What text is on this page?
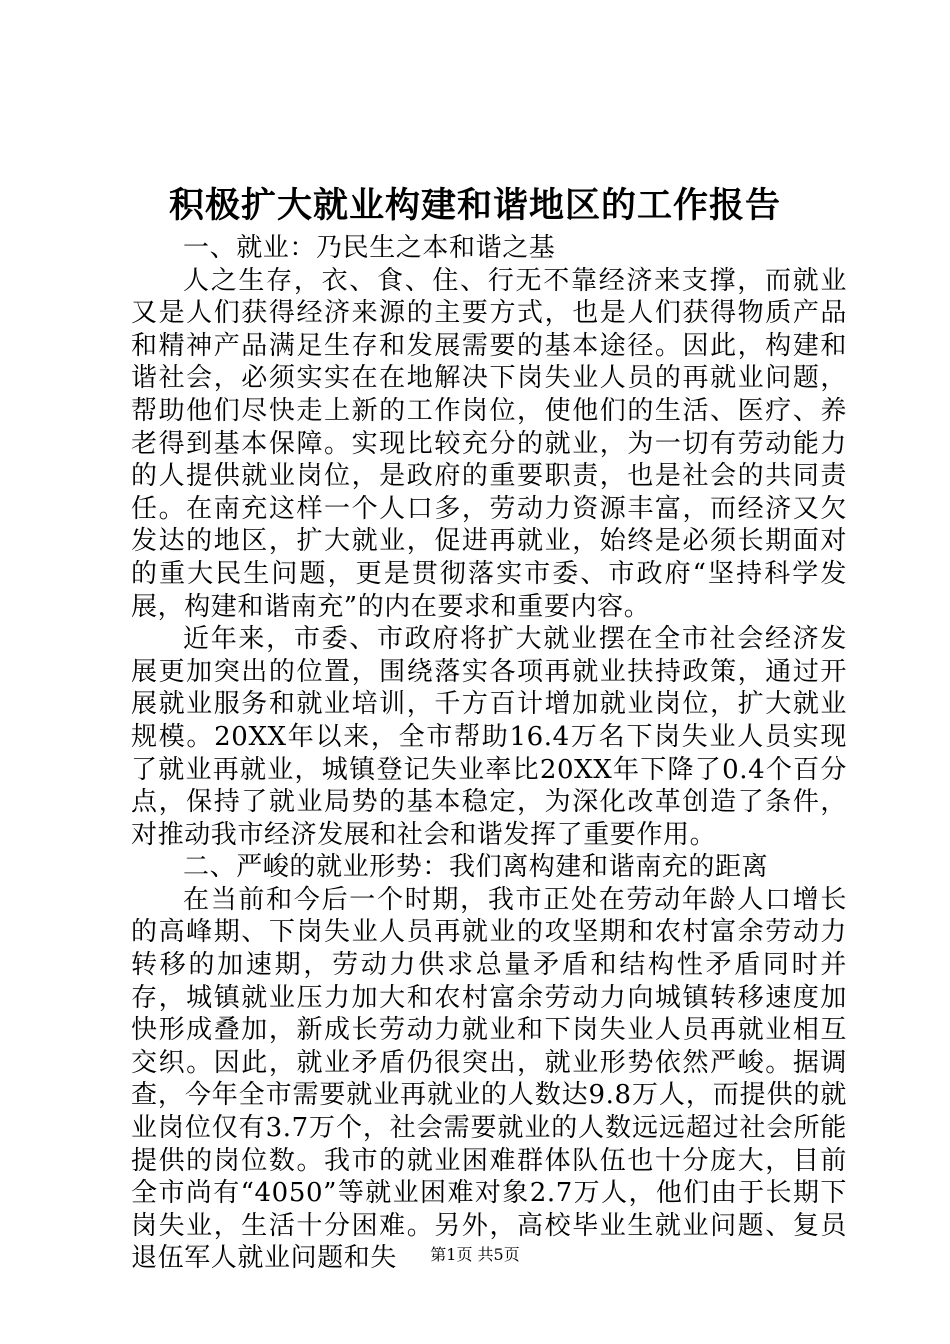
积极扩大就业构建和谐地区的工作报告

一、就业：乃民生之本和谐之基

人之生存，衣、食、住、行无不靠经济来支撑，而就业又是人们获得经济来源的主要方式，也是人们获得物质产品和精神产品满足生存和发展需要的基本途径。因此，构建和谐社会，必须实实在在地解决下岗失业人员的再就业问题，帮助他们尽快走上新的工作岗位，使他们的生活、医疗、养老得到基本保障。实现比较充分的就业，为一切有劳动能力的人提供就业岗位，是政府的重要职责，也是社会的共同责任。在南充这样一个人口多，劳动力资源丰富，而经济又欠发达的地区，扩大就业，促进再就业，始终是必须长期面对的重大民生问题，更是贯彻落实市委、市政府“坚持科学发展，构建和谐南充”的内在要求和重要内容。

近年来，市委、市政府将扩大就业摆在全市社会经济发展更加突出的位置，围绕落实各项再就业扶持政策，通过开展就业服务和就业培训，千方百计增加就业岗位，扩大就业规模。20XX年以来，全市帮助16.4万名下岗失业人员实现了就业再就业，城镇登记失业率比20XX年下降了0.4个百分点，保持了就业局势的基本稳定，为深化改革创造了条件，对推动我市经济发展和社会和谐发挥了重要作用。

二、严峻的就业形势：我们离构建和谐南充的距离

在当前和今后一个时期，我市正处在劳动年龄人口增长的高峰期、下岗失业人员再就业的攻坚期和农村富余劳动力转移的加速期，劳动力供求总量矛盾和结构性矛盾同时并存，城镇就业压力加大和农村富余劳动力向城镇转移速度加快形成叠加，新成长劳动力就业和下岗失业人员再就业相互交织。因此，就业矛盾仍很突出，就业形势依然严峻。据调查，今年全市需要就业再就业的人数达9.8万人，而提供的就业岗位仅有3.7万个，社会需要就业的人数远远超过社会所能提供的岗位数。我市的就业困难群体队伍也十分庞大，目前全市尚有“4050”等就业困难对象2.7万人，他们由于长期下岗失业，生活十分困难。另外，高校毕业生就业问题、复员退伍军人就业问题和失	第1页 共5页
